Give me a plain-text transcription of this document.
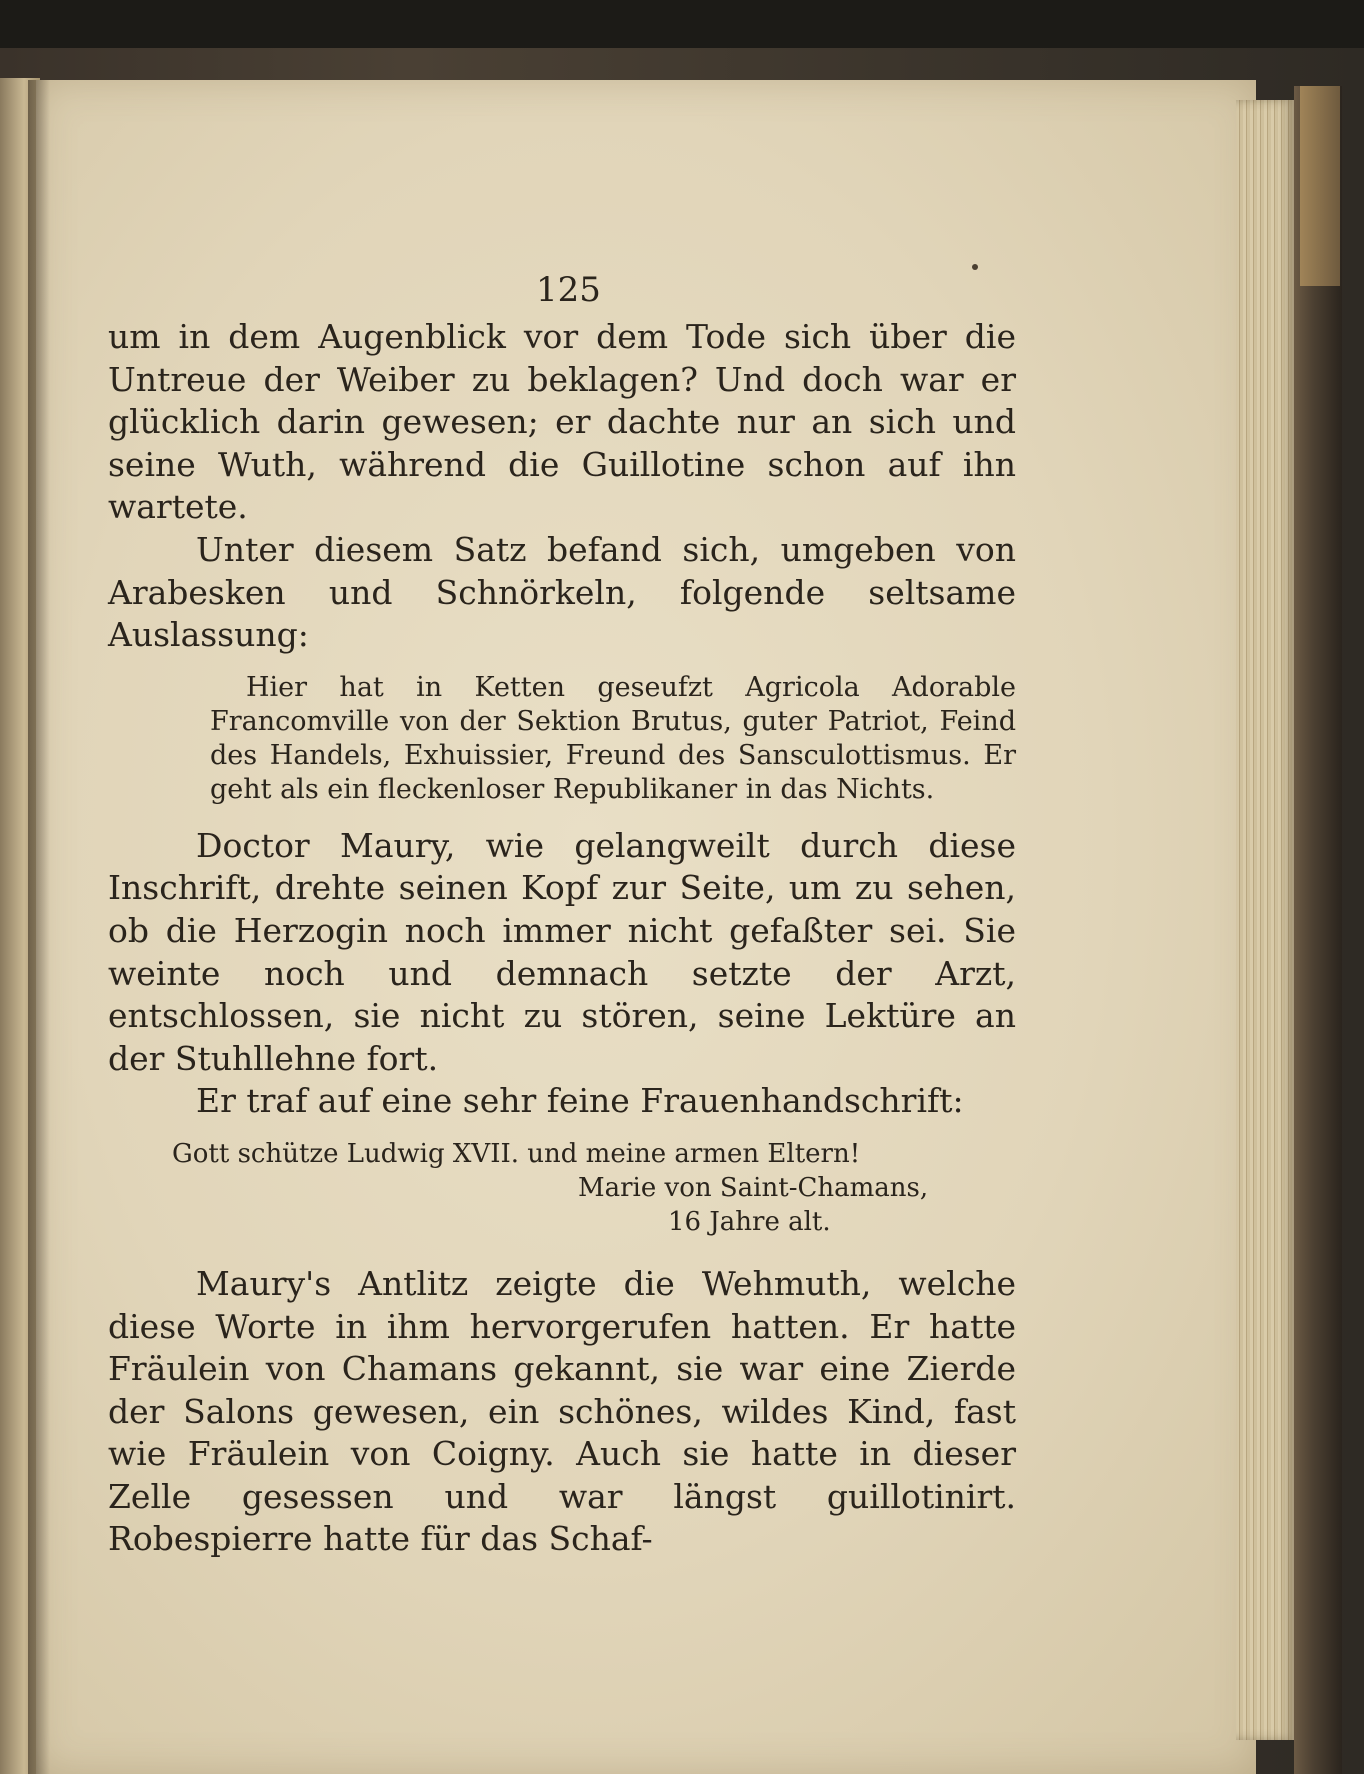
125

um in dem Augenblick vor dem Tode sich über die Untreue der Weiber zu beklagen? Und doch war er glücklich darin gewesen; er dachte nur an sich und seine Wuth, während die Guillotine schon auf ihn wartete.

Unter diesem Satz befand sich, umgeben von Arabesken und Schnörkeln, folgende seltsame Auslassung:

Hier hat in Ketten geseufzt Agricola Adorable Francomville von der Sektion Brutus, guter Patriot, Feind des Handels, Exhuissier, Freund des Sansculottismus. Er geht als ein fleckenloser Republikaner in das Nichts.

Doctor Maury, wie gelangweilt durch diese Inschrift, drehte seinen Kopf zur Seite, um zu sehen, ob die Herzogin noch immer nicht gefaßter sei. Sie weinte noch und demnach setzte der Arzt, entschlossen, sie nicht zu stören, seine Lektüre an der Stuhllehne fort.

Er traf auf eine sehr feine Frauenhandschrift:

Gott schütze Ludwig XVII. und meine armen Eltern!
Marie von Saint-Chamans,
16 Jahre alt.

Maury's Antlitz zeigte die Wehmuth, welche diese Worte in ihm hervorgerufen hatten. Er hatte Fräulein von Chamans gekannt, sie war eine Zierde der Salons gewesen, ein schönes, wildes Kind, fast wie Fräulein von Coigny. Auch sie hatte in dieser Zelle gesessen und war längst guillotinirt. Robespierre hatte für das Schaf-
